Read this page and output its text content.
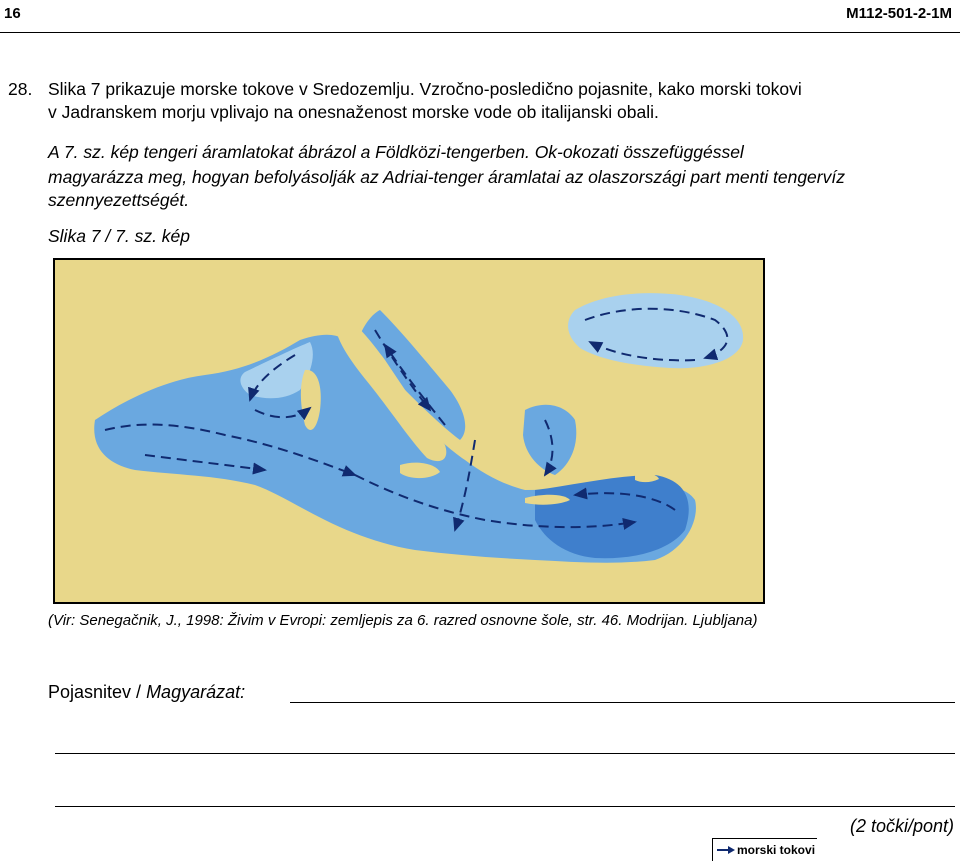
16	M112-501-2-1M
28. Slika 7 prikazuje morske tokove v Sredozemlju. Vzročno-posledično pojasnite, kako morski tokovi
v Jadranskem morju vplivajo na onesnaženost morske vode ob italijanski obali.
A 7. sz. kép tengeri áramlatokat ábrázol a Földközi-tengerben. Ok-okozati összefüggéssel
magyarázza meg, hogyan befolyásolják az Adriai-tenger áramlatai az olaszországi part menti tengervíz szennyezettségét.
Slika 7 / 7. sz. kép
morski tokovi
(Vir: Senegačnik, J., 1998: Živim v Evropi: zemljepis za 6. razred osnovne šole, str. 46. Modrijan. Ljubljana)
Pojasnitev / Magyarázat:
(2 točki/pont)
